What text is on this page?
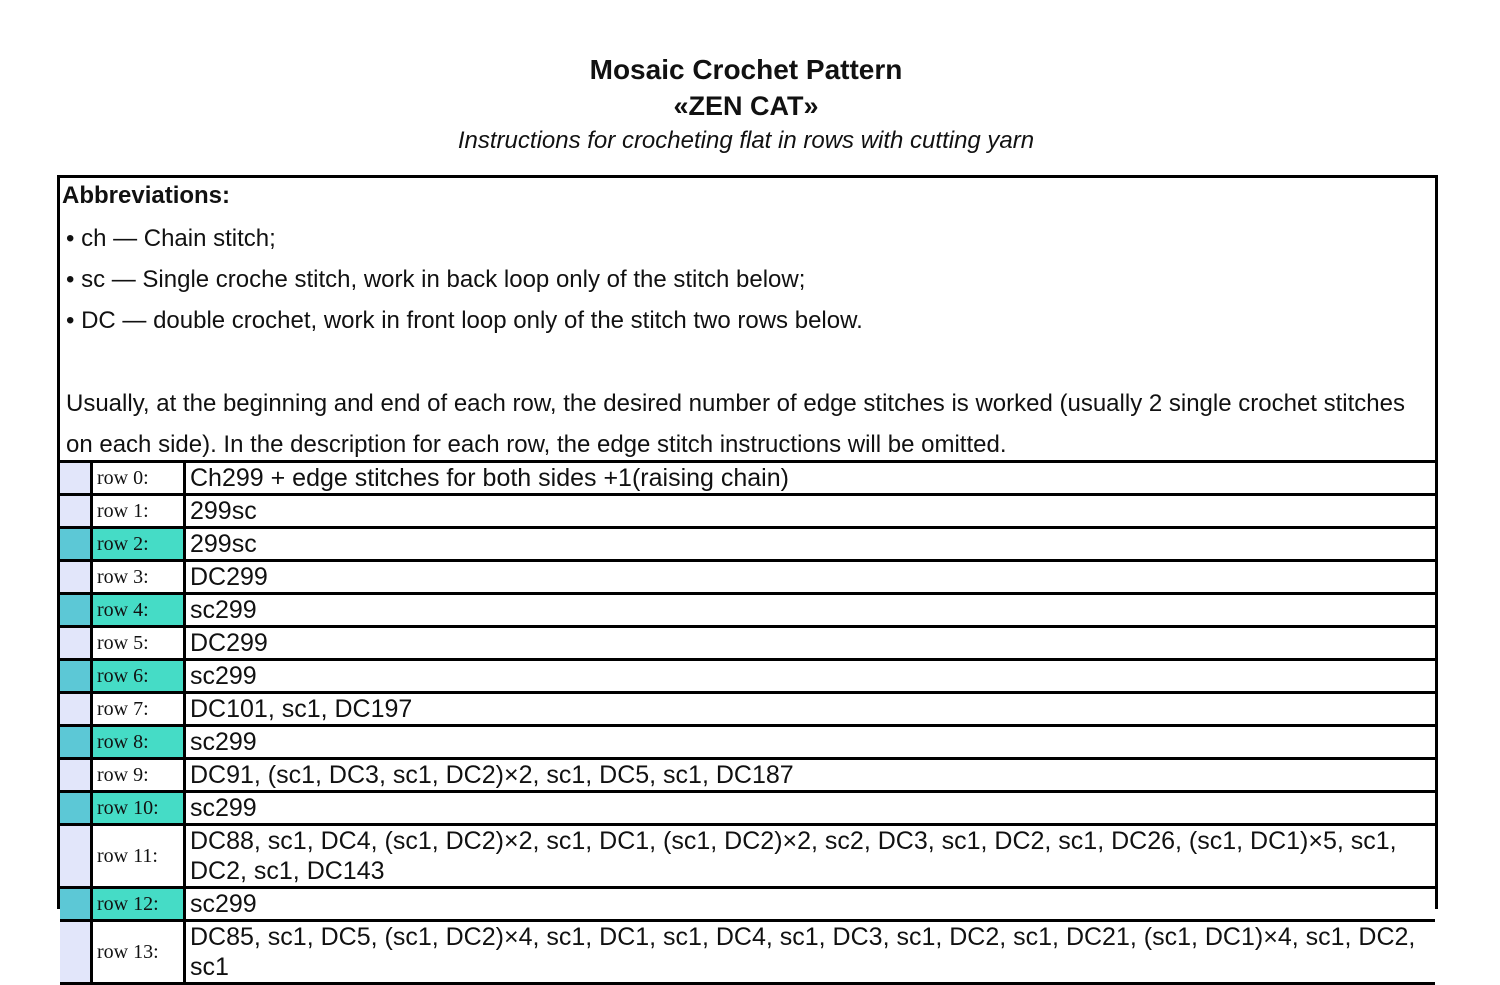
Mosaic Crochet Pattern

«ZEN CAT»

Instructions for crocheting flat in rows with cutting yarn

Abbreviations:
• ch — Chain stitch;
• sc — Single croche stitch, work in back loop only of the stitch below;
• DC — double crochet, work in front loop only of the stitch two rows below.
Usually, at the beginning and end of each row, the desired number of edge stitches is worked (usually 2 single crochet stitches on each side). In the description for each row, the edge stitch instructions will be omitted.
	row 0:	Ch299 + edge stitches for both sides +1(raising chain)

	row 1:	299sc

	row 2:	299sc

	row 3:	DC299

	row 4:	sc299

	row 5:	DC299

	row 6:	sc299

	row 7:	DC101, sc1, DC197

	row 8:	sc299

	row 9:	DC91, (sc1, DC3, sc1, DC2)×2, sc1, DC5, sc1, DC187

	row 10:	sc299

	row 11:	DC88, sc1, DC4, (sc1, DC2)×2, sc1, DC1, (sc1, DC2)×2, sc2, DC3, sc1, DC2, sc1, DC26, (sc1, DC1)×5, sc1, DC2, sc1, DC143

	row 12:	sc299

	row 13:	DC85, sc1, DC5, (sc1, DC2)×4, sc1, DC1, sc1, DC4, sc1, DC3, sc1, DC2, sc1, DC21, (sc1, DC1)×4, sc1, DC2, sc1
